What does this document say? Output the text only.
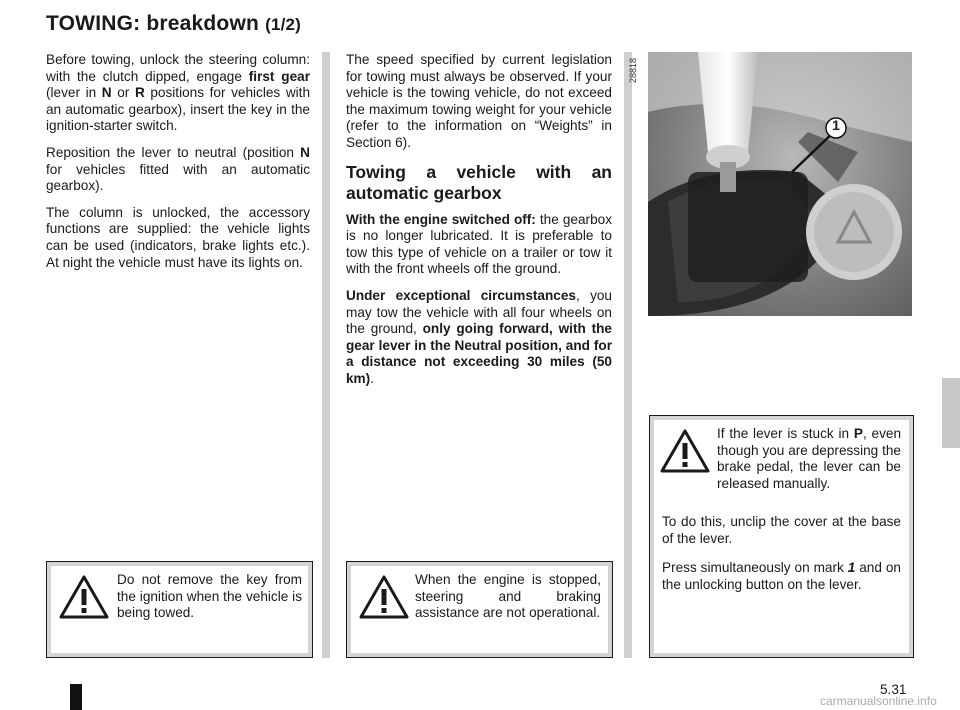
TOWING: breakdown (1/2)

Before towing, unlock the steering column: with the clutch dipped, engage first gear (lever in N or R positions for vehicles with an automatic gearbox), insert the key in the ignition-starter switch.

Reposition the lever to neutral (position N for vehicles fitted with an automatic gearbox).

The column is unlocked, the accessory functions are supplied: the vehicle lights can be used (indicators, brake lights etc.). At night the vehicle must have its lights on.

The speed specified by current legislation for towing must always be observed. If your vehicle is the towing vehicle, do not exceed the maximum towing weight for your vehicle (refer to the information on “Weights” in Section 6).

Towing a vehicle with an automatic gearbox

With the engine switched off: the gearbox is no longer lubricated. It is preferable to tow this type of vehicle on a trailer or tow it with the front wheels off the ground.

Under exceptional circumstances, you may tow the vehicle with all four wheels on the ground, only going forward, with the gear lever in the Neutral position, and for a distance not exceeding 30 miles (50 km).

28818
1
If the lever is stuck in P, even though you are depressing the brake pedal, the lever can be released manually.
To do this, unclip the cover at the base of the lever.
Press simultaneously on mark 1 and on the unlocking button on the lever.
Do not remove the key from the ignition when the vehicle is being towed.
When the engine is stopped, steering and braking assistance are not operational.
5.31
carmanualsonline.info
